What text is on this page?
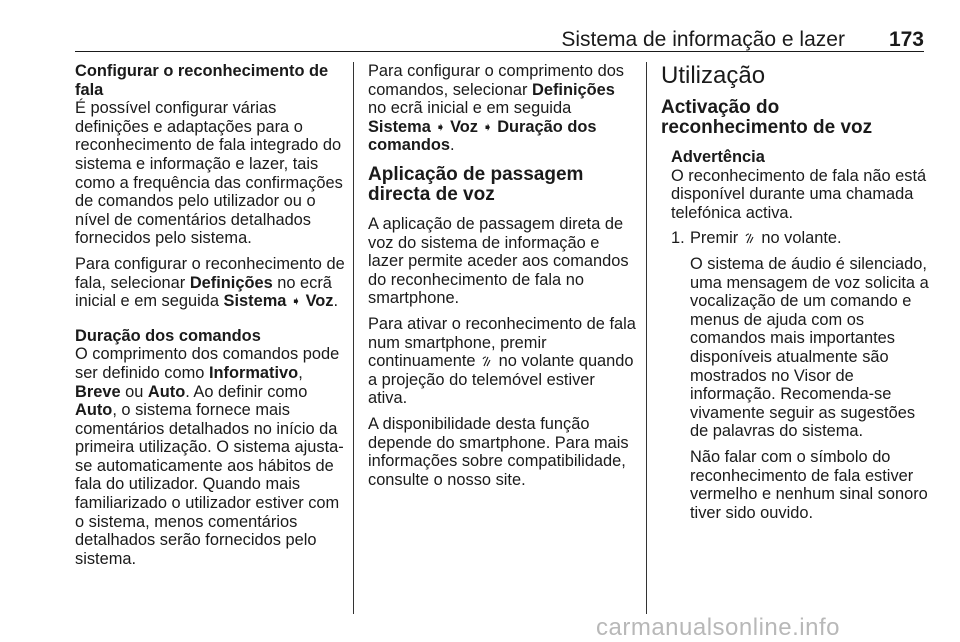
Sistema de informação e lazer 173
Configurar o reconhecimento de fala

É possível configurar várias definições e adaptações para o reconhecimento de fala integrado do sistema e informação e lazer, tais como a frequência das confirmações de comandos pelo utilizador ou o nível de comentários detalhados fornecidos pelo sistema.

Para configurar o reconhecimento de fala, selecionar Definições no ecrã inicial e em seguida Sistema ➧ Voz.

Duração dos comandos

O comprimento dos comandos pode ser definido como Informativo, Breve ou Auto. Ao definir como Auto, o sistema fornece mais comentários detalhados no início da primeira utilização. O sistema ajusta-se automaticamente aos hábitos de fala do utilizador. Quando mais familiarizado o utilizador estiver com o sistema, menos comentários detalhados serão fornecidos pelo sistema.

Para configurar o comprimento dos comandos, selecionar Definições no ecrã inicial e em seguida Sistema ➧ Voz ➧ Duração dos comandos.

Aplicação de passagem directa de voz

A aplicação de passagem direta de voz do sistema de informação e lazer permite aceder aos comandos do reconhecimento de fala no smartphone.

Para ativar o reconhecimento de fala num smartphone, premir continuamente  no volante quando a projeção do telemóvel estiver ativa.

A disponibilidade desta função depende do smartphone. Para mais informações sobre compatibilidade, consulte o nosso site.

Utilização
Activação do reconhecimento de voz
Advertência

O reconhecimento de fala não está disponível durante uma chamada telefónica activa.

1. Premir  no volante.

O sistema de áudio é silenciado, uma mensagem de voz solicita a vocalização de um comando e menus de ajuda com os comandos mais importantes disponíveis atualmente são mostrados no Visor de informação. Recomenda-se vivamente seguir as sugestões de palavras do sistema.

Não falar com o símbolo do reconhecimento de fala estiver vermelho e nenhum sinal sonoro tiver sido ouvido.

carmanualsonline.info
